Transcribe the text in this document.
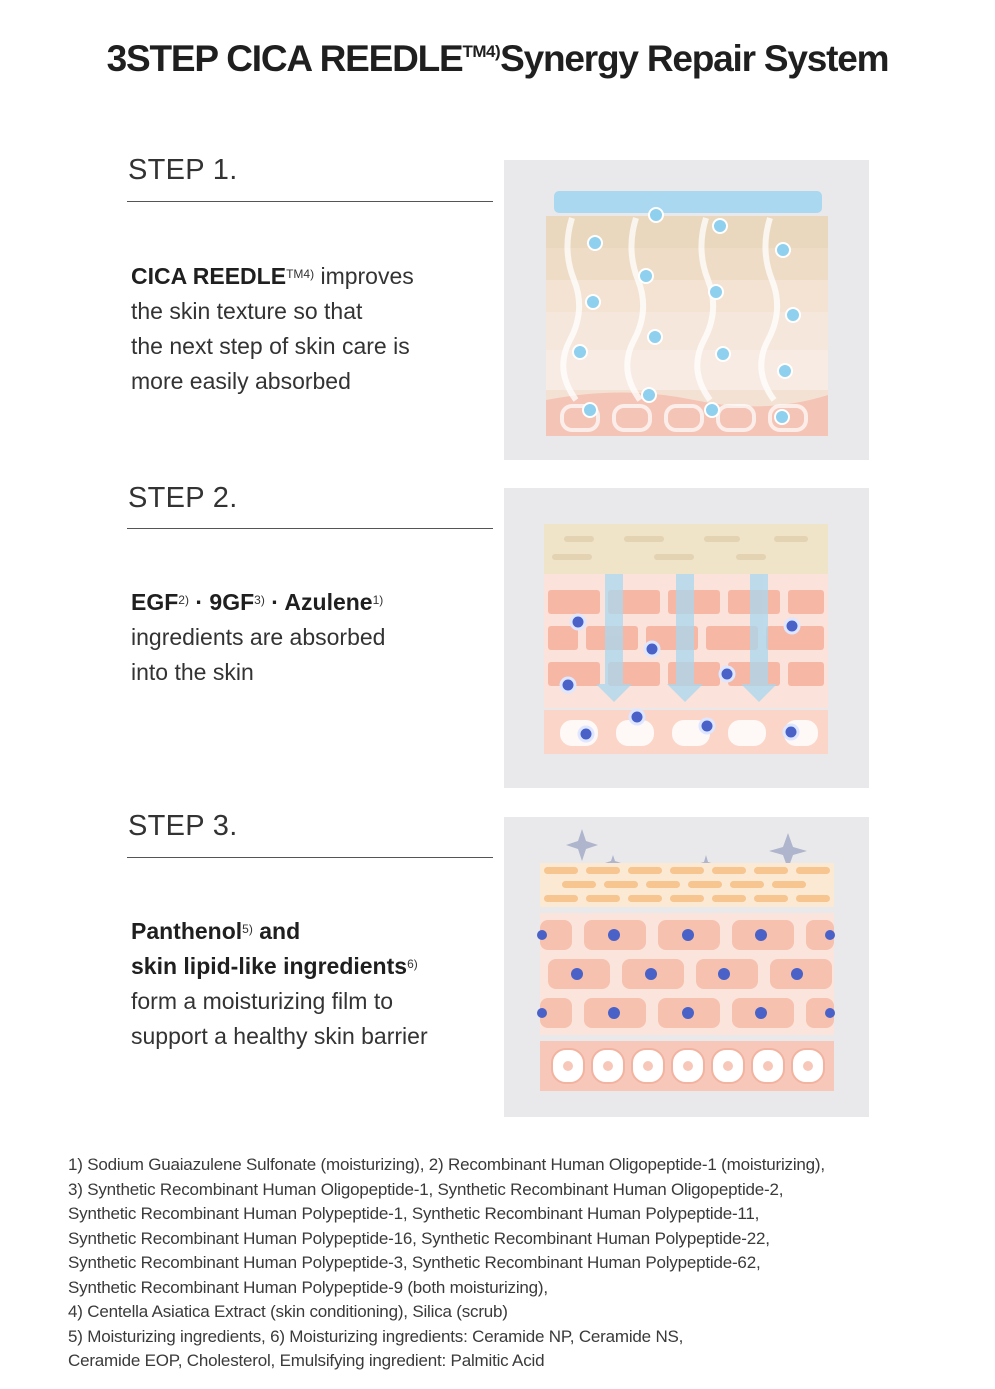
3STEP CICA $REEDLE^{TM4)}Synergy$ Repair System
STEP 1.
CICA $REEDLE^{TM4)}$ improves
the skin texture so that
the next step of skin care is
more easily absorbed
STEP 2.
$EGF^{2)} \cdot 9GF^{3)}$ · Azulene$^{1)}$
ingredients are absorbed
into the skin
STEP 3.
Panthenol$^{5)}$ and
skin lipid-like ingredients$^{6)}$
form a moisturizing film to
support a healthy skin barrier
1) Sodium Guaiazulene Sulfonate (moisturizing), 2) Recombinant Human Oligopeptide-1 (moisturizing),
3) Synthetic Recombinant Human Oligopeptide-1, Synthetic Recombinant Human Oligopeptide-2,
Synthetic Recombinant Human Polypeptide-1, Synthetic Recombinant Human Polypeptide-11,
Synthetic Recombinant Human Polypeptide-16, Synthetic Recombinant Human Polypeptide-22,
Synthetic Recombinant Human Polypeptide-3, Synthetic Recombinant Human Polypeptide-62,
Synthetic Recombinant Human Polypeptide-9 (both moisturizing),
4) Centella Asiatica Extract (skin conditioning), Silica (scrub)
5) Moisturizing ingredients, 6) Moisturizing ingredients: Ceramide NP, Ceramide NS,
Ceramide EOP, Cholesterol, Emulsifying ingredient: Palmitic Acid
